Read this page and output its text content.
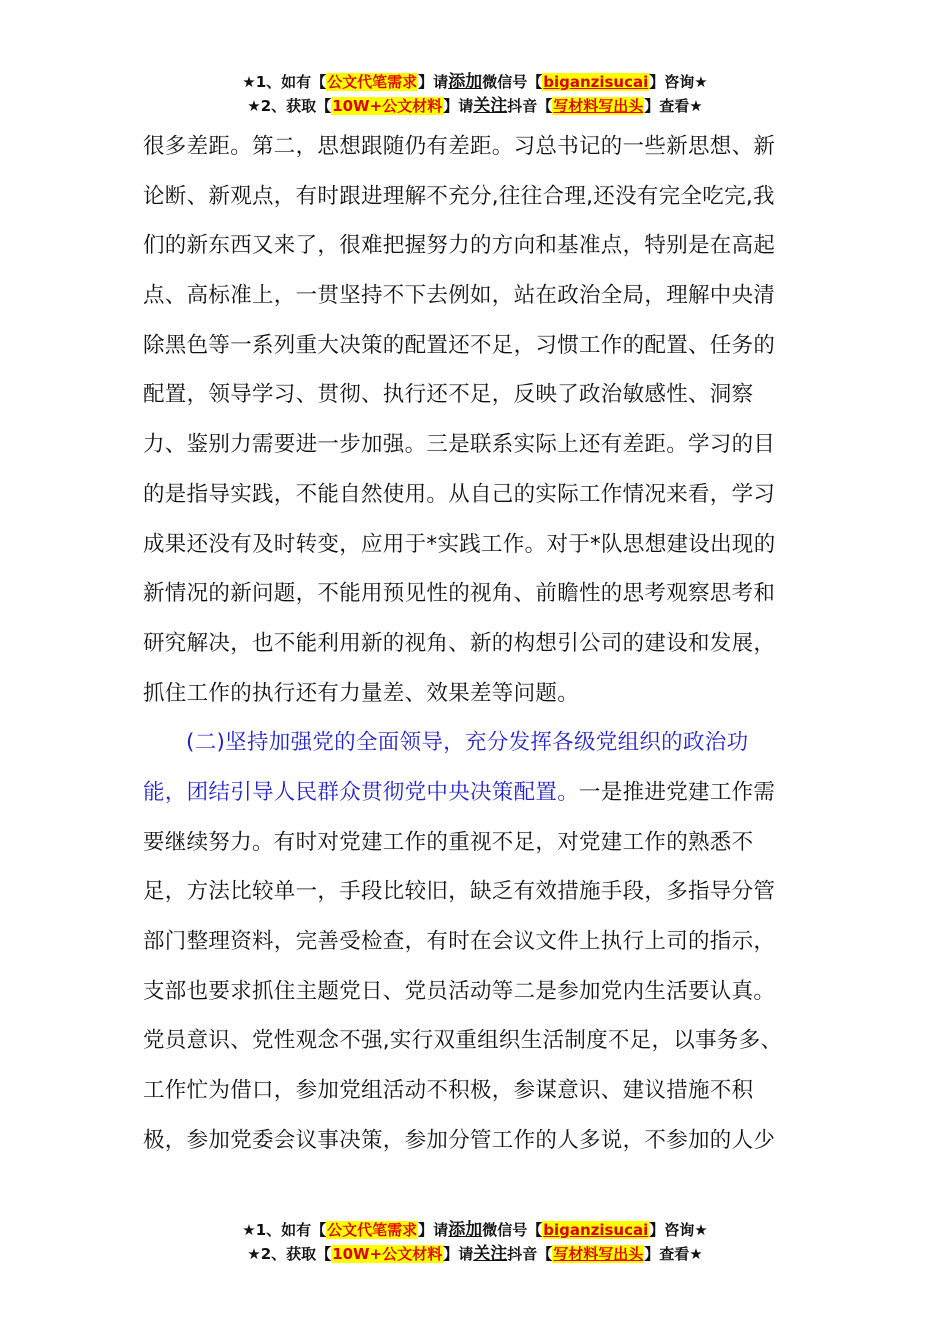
★1、如有【公文代笔需求】请添加微信号【biganzisucai】咨询★
★2、获取【10W+公文材料】请关注抖音【写材料写出头】查看★
很多差距。第二，思想跟随仍有差距。习总书记的一些新思想、新
论断、新观点，有时跟进理解不充分,往往合理,还没有完全吃完,我
们的新东西又来了，很难把握努力的方向和基准点，特别是在高起
点、高标准上，一贯坚持不下去例如，站在政治全局，理解中央清
除黑色等一系列重大决策的配置还不足，习惯工作的配置、任务的
配置，领导学习、贯彻、执行还不足，反映了政治敏感性、洞察
力、鉴别力需要进一步加强。三是联系实际上还有差距。学习的目
的是指导实践，不能自然使用。从自己的实际工作情况来看，学习
成果还没有及时转变，应用于*实践工作。对于*队思想建设出现的
新情况的新问题，不能用预见性的视角、前瞻性的思考观察思考和
研究解决，也不能利用新的视角、新的构想引公司的建设和发展，
抓住工作的执行还有力量差、效果差等问题。
(二)坚持加强党的全面领导，充分发挥各级党组织的政治功
能，团结引导人民群众贯彻党中央决策配置。一是推进党建工作需
要继续努力。有时对党建工作的重视不足，对党建工作的熟悉不
足，方法比较单一，手段比较旧，缺乏有效措施手段，多指导分管
部门整理资料，完善受检查，有时在会议文件上执行上司的指示，
支部也要求抓住主题党日、党员活动等二是参加党内生活要认真。
党员意识、党性观念不强,实行双重组织生活制度不足，以事务多、
工作忙为借口，参加党组活动不积极，参谋意识、建议措施不积
极，参加党委会议事决策，参加分管工作的人多说，不参加的人少
★1、如有【公文代笔需求】请添加微信号【biganzisucai】咨询★
★2、获取【10W+公文材料】请关注抖音【写材料写出头】查看★
